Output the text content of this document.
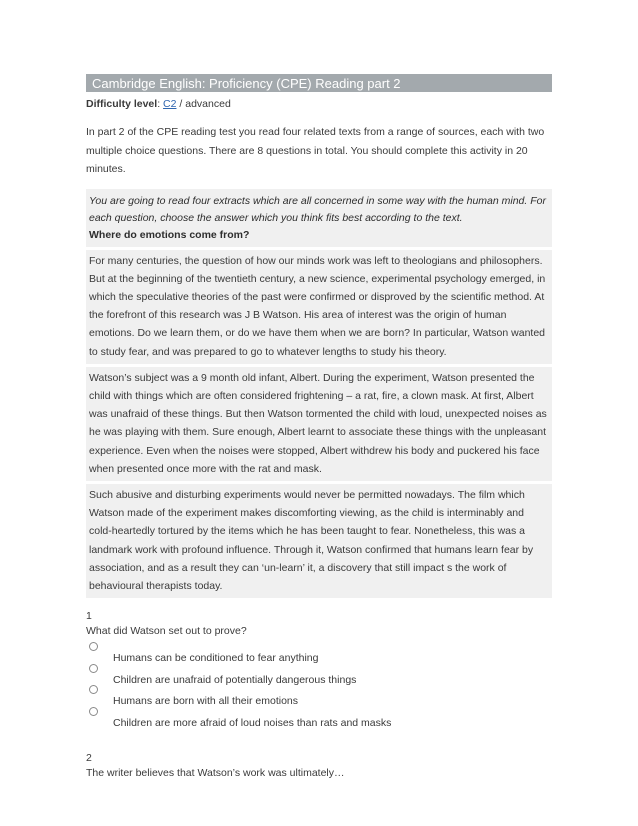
Cambridge English: Proficiency (CPE) Reading part 2
Difficulty level: C2 / advanced
In part 2 of the CPE reading test you read four related texts from a range of sources, each with two multiple choice questions. There are 8 questions in total. You should complete this activity in 20 minutes.
You are going to read four extracts which are all concerned in some way with the human mind. For each question, choose the answer which you think fits best according to the text.
Where do emotions come from?
For many centuries, the question of how our minds work was left to theologians and philosophers. But at the beginning of the twentieth century, a new science, experimental psychology emerged, in which the speculative theories of the past were confirmed or disproved by the scientific method. At the forefront of this research was J B Watson. His area of interest was the origin of human emotions. Do we learn them, or do we have them when we are born? In particular, Watson wanted to study fear, and was prepared to go to whatever lengths to study his theory.
Watson’s subject was a 9 month old infant, Albert. During the experiment, Watson presented the child with things which are often considered frightening – a rat, fire, a clown mask. At first, Albert was unafraid of these things. But then Watson tormented the child with loud, unexpected noises as he was playing with them. Sure enough, Albert learnt to associate these things with the unpleasant experience. Even when the noises were stopped, Albert withdrew his body and puckered his face when presented once more with the rat and mask.
Such abusive and disturbing experiments would never be permitted nowadays. The film which Watson made of the experiment makes discomforting viewing, as the child is interminably and cold-heartedly tortured by the items which he has been taught to fear. Nonetheless, this was a landmark work with profound influence. Through it, Watson confirmed that humans learn fear by association, and as a result they can ‘un-learn’ it, a discovery that still impact s the work of behavioural therapists today.
1
What did Watson set out to prove?
Humans can be conditioned to fear anything
Children are unafraid of potentially dangerous things
Humans are born with all their emotions
Children are more afraid of loud noises than rats and masks
2
The writer believes that Watson’s work was ultimately…
